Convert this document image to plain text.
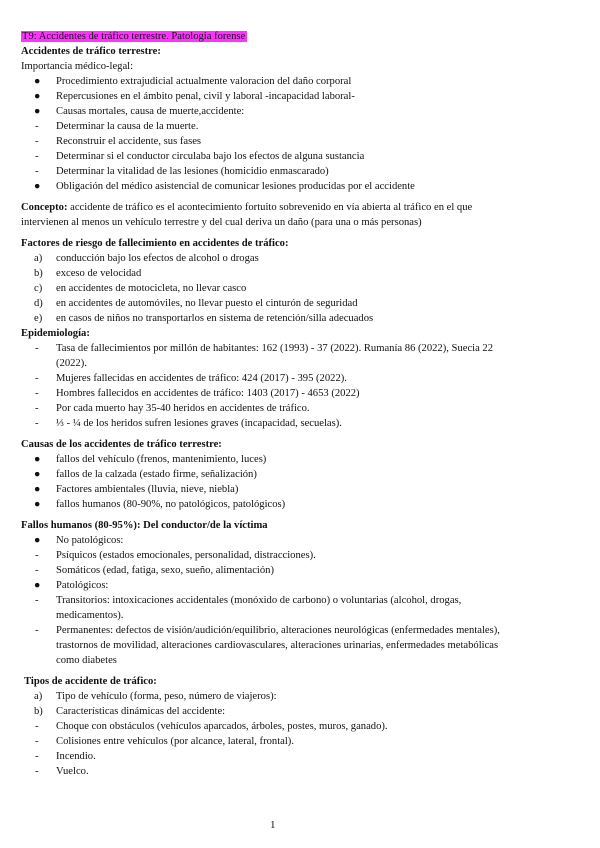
T9: Accidentes de tráfico terrestre. Patologia forense
Accidentes de tráfico terrestre:
Importancia médico-legal:
●	Procedimiento extrajudicial actualmente valoracion del daño corporal
●	Repercusiones en el ámbito penal, civil y laboral -incapacidad laboral-
●	Causas mortales, causa de muerte,accidente:
-	Determinar la causa de la muerte.
-	Reconstruir el accidente, sus fases
-	Determinar si el conductor circulaba bajo los efectos de alguna sustancia
-	Determinar la vitalidad de las lesiones (homicidio enmascarado)
●	Obligación del médico asistencial de comunicar lesiones producidas por el accidente
Concepto: accidente de tráfico es el acontecimiento fortuito sobrevenido en vía abierta al tráfico en el que
intervienen al menos un vehículo terrestre y del cual deriva un daño (para una o más personas)
Factores de riesgo de fallecimiento en accidentes de tráfico:
a)	conducción bajo los efectos de alcohol o drogas
b)	exceso de velocidad
c)	en accidentes de motocicleta, no llevar casco
d)	en accidentes de automóviles, no llevar puesto el cinturón de seguridad
e)	en casos de niños no transportarlos en sistema de retención/silla adecuados
Epidemiología:
-	Tasa de fallecimientos por millón de habitantes: 162 (1993) - 37 (2022). Rumanía 86 (2022), Suecia 22
(2022).
-	Mujeres fallecidas en accidentes de tráfico: 424 (2017) - 395 (2022).
-	Hombres fallecidos en accidentes de tráfico: 1403 (2017) - 4653 (2022)
-	Por cada muerto hay 35-40 heridos en accidentes de tráfico.
-	⅓ - ¼ de los heridos sufren lesiones graves (incapacidad, secuelas).
Causas de los accidentes de tráfico terrestre:
●	fallos del vehículo (frenos, mantenimiento, luces)
●	fallos de la calzada (estado firme, señalización)
●	Factores ambientales (lluvia, nieve, niebla)
●	fallos humanos (80-90%, no patológicos, patológicos)
Fallos humanos (80-95%): Del conductor/de la víctima
●	No patológicos:
-	Psíquicos (estados emocionales, personalidad, distracciones).
-	Somáticos (edad, fatiga, sexo, sueño, alimentación)
●	Patológicos:
-	Transitorios: intoxicaciones accidentales (monóxido de carbono) o voluntarias (alcohol, drogas,
medicamentos).
-	Permanentes: defectos de visión/audición/equilibrio, alteraciones neurológicas (enfermedades mentales),
trastornos de movilidad, alteraciones cardiovasculares, alteraciones urinarias, enfermedades metabólicas
como diabetes
Tipos de accidente de tráfico:
a)	Tipo de vehículo (forma, peso, número de viajeros):
b)	Características dinámicas del accidente:
-	Choque con obstáculos (vehículos aparcados, árboles, postes, muros, ganado).
-	Colisiones entre vehículos (por alcance, lateral, frontal).
-	Incendio.
-	Vuelco.
1
